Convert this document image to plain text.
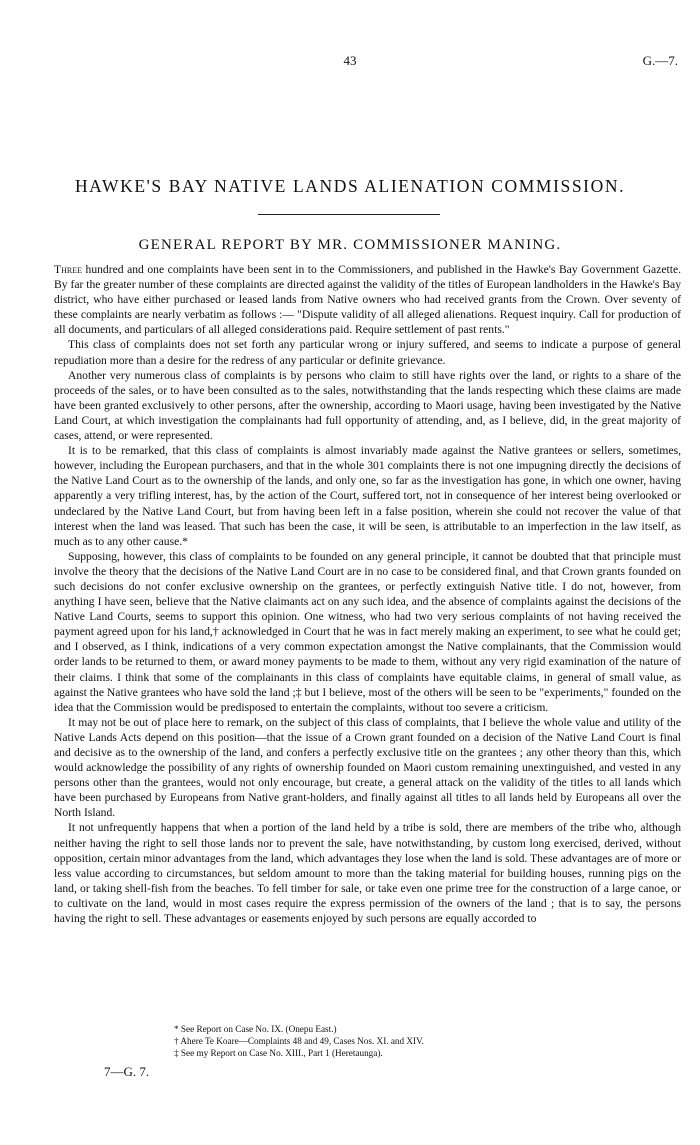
43	G.—7.
HAWKE'S BAY NATIVE LANDS ALIENATION COMMISSION.
GENERAL REPORT BY MR. COMMISSIONER MANING.

Three hundred and one complaints have been sent in to the Commissioners, and published in the Hawke's Bay Government Gazette. By far the greater number of these complaints are directed against the validity of the titles of European landholders in the Hawke's Bay district, who have either purchased or leased lands from Native owners who had received grants from the Crown. Over seventy of these complaints are nearly verbatim as follows :— "Dispute validity of all alleged alienations. Request inquiry. Call for production of all documents, and particulars of all alleged considerations paid. Require settlement of past rents."

This class of complaints does not set forth any particular wrong or injury suffered, and seems to indicate a purpose of general repudiation more than a desire for the redress of any particular or definite grievance.

Another very numerous class of complaints is by persons who claim to still have rights over the land, or rights to a share of the proceeds of the sales, or to have been consulted as to the sales, notwithstanding that the lands respecting which these claims are made have been granted exclusively to other persons, after the ownership, according to Maori usage, having been investigated by the Native Land Court, at which investigation the complainants had full opportunity of attending, and, as I believe, did, in the great majority of cases, attend, or were represented.

It is to be remarked, that this class of complaints is almost invariably made against the Native grantees or sellers, sometimes, however, including the European purchasers, and that in the whole 301 complaints there is not one impugning directly the decisions of the Native Land Court as to the ownership of the lands, and only one, so far as the investigation has gone, in which one owner, having apparently a very trifling interest, has, by the action of the Court, suffered tort, not in consequence of her interest being overlooked or undeclared by the Native Land Court, but from having been left in a false position, wherein she could not recover the value of that interest when the land was leased. That such has been the case, it will be seen, is attributable to an imperfection in the law itself, as much as to any other cause.*

Supposing, however, this class of complaints to be founded on any general principle, it cannot be doubted that that principle must involve the theory that the decisions of the Native Land Court are in no case to be considered final, and that Crown grants founded on such decisions do not confer exclusive ownership on the grantees, or perfectly extinguish Native title. I do not, however, from anything I have seen, believe that the Native claimants act on any such idea, and the absence of complaints against the decisions of the Native Land Courts, seems to support this opinion. One witness, who had two very serious complaints of not having received the payment agreed upon for his land,† acknowledged in Court that he was in fact merely making an experiment, to see what he could get; and I observed, as I think, indications of a very common expectation amongst the Native complainants, that the Commission would order lands to be returned to them, or award money payments to be made to them, without any very rigid examination of the nature of their claims. I think that some of the complainants in this class of complaints have equitable claims, in general of small value, as against the Native grantees who have sold the land ;‡ but I believe, most of the others will be seen to be "experiments," founded on the idea that the Commission would be predisposed to entertain the complaints, without too severe a criticism.

It may not be out of place here to remark, on the subject of this class of complaints, that I believe the whole value and utility of the Native Lands Acts depend on this position—that the issue of a Crown grant founded on a decision of the Native Land Court is final and decisive as to the ownership of the land, and confers a perfectly exclusive title on the grantees ; any other theory than this, which would acknowledge the possibility of any rights of ownership founded on Maori custom remaining unextinguished, and vested in any persons other than the grantees, would not only encourage, but create, a general attack on the validity of the titles to all lands which have been purchased by Europeans from Native grant-holders, and finally against all titles to all lands held by Europeans all over the North Island.

It not unfrequently happens that when a portion of the land held by a tribe is sold, there are members of the tribe who, although neither having the right to sell those lands nor to prevent the sale, have notwithstanding, by custom long exercised, derived, without opposition, certain minor advantages from the land, which advantages they lose when the land is sold. These advantages are of more or less value according to circumstances, but seldom amount to more than the taking material for building houses, running pigs on the land, or taking shell-fish from the beaches. To fell timber for sale, or take even one prime tree for the construction of a large canoe, or to cultivate on the land, would in most cases require the express permission of the owners of the land ; that is to say, the persons having the right to sell. These advantages or easements enjoyed by such persons are equally accorded to

* See Report on Case No. IX. (Onepu East.)
† Ahere Te Koare—Complaints 48 and 49, Cases Nos. XI. and XIV.
‡ See my Report on Case No. XIII., Part 1 (Heretaunga).
7—G. 7.
